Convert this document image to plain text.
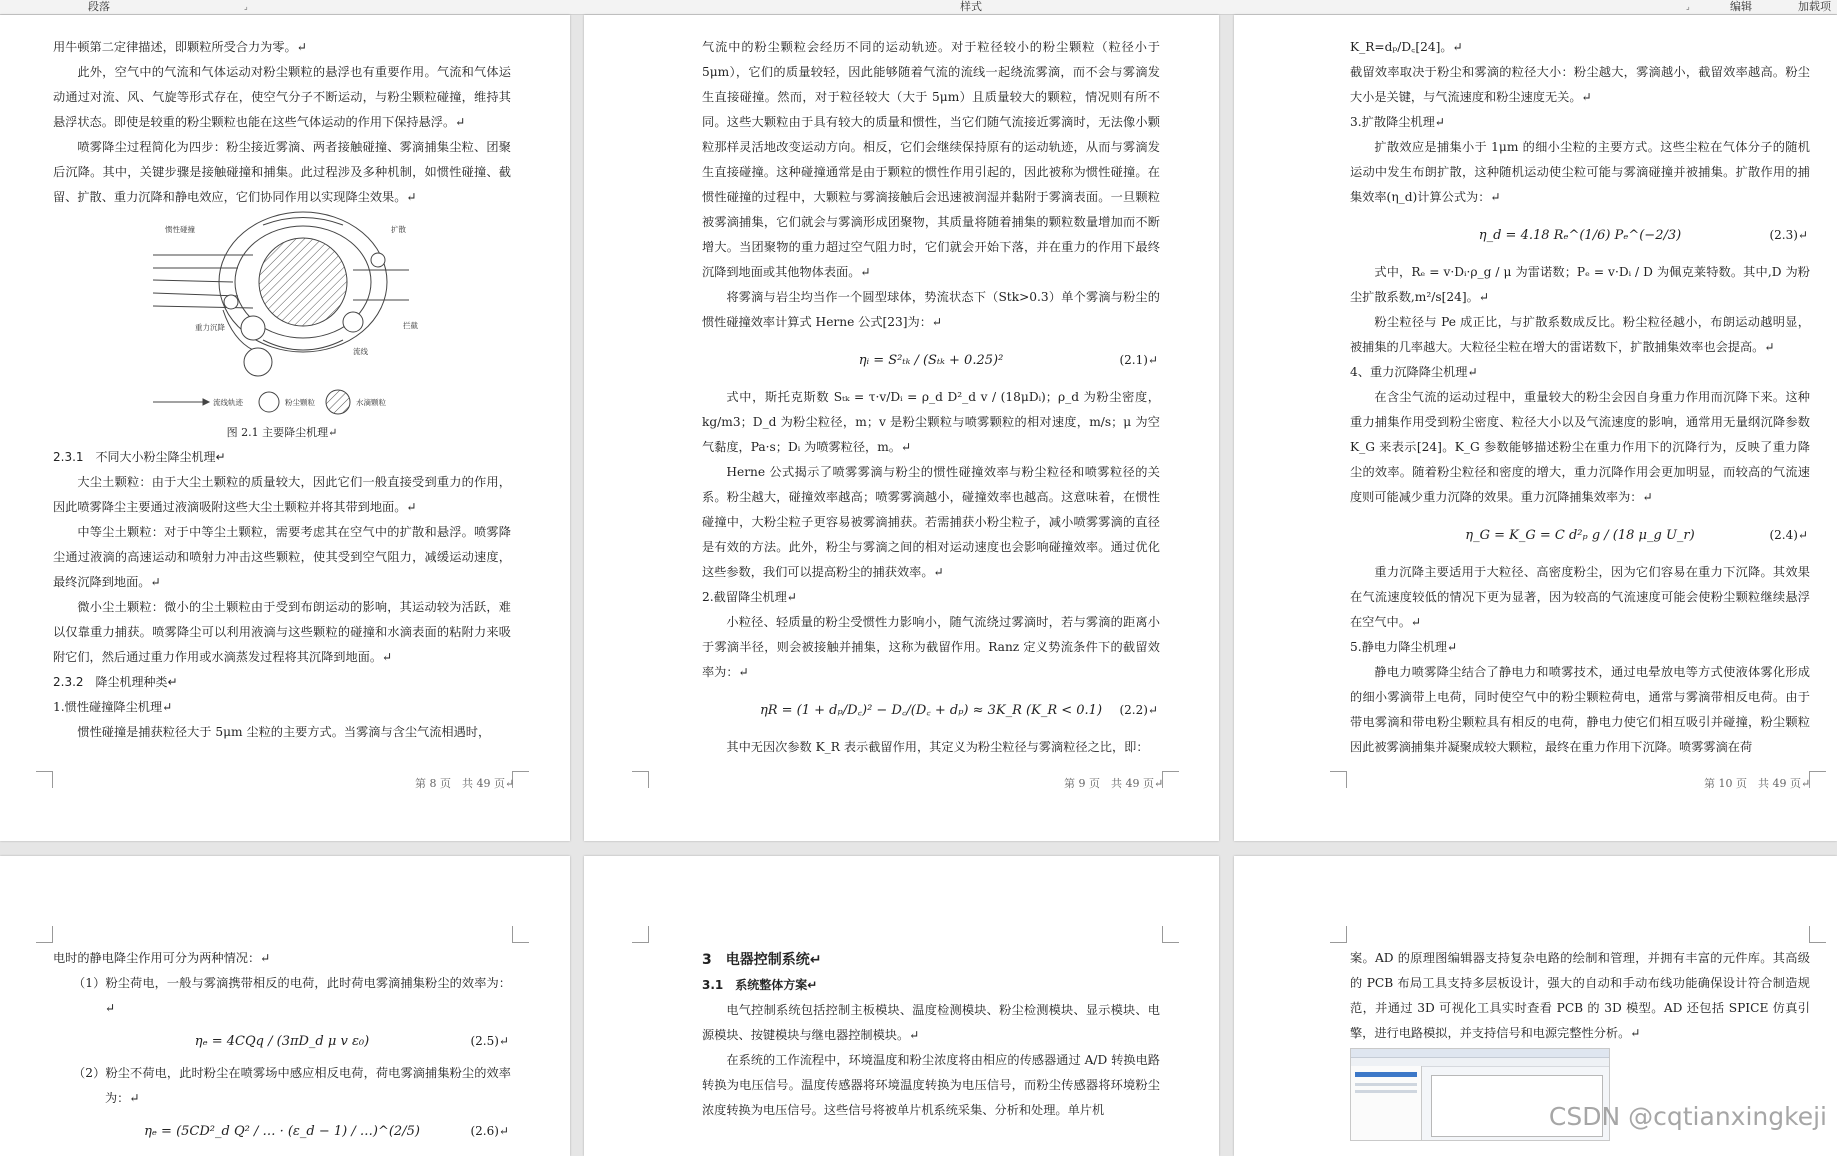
段落	⌟	样式	⌟	编辑	加载项

用牛顿第二定律描述，即颗粒所受合力为零。↵

此外，空气中的气流和气体运动对粉尘颗粒的悬浮也有重要作用。气流和气体运动通过对流、风、气旋等形式存在，使空气分子不断运动，与粉尘颗粒碰撞，维持其悬浮状态。即使是较重的粉尘颗粒也能在这些气体运动的作用下保持悬浮。↵

喷雾降尘过程简化为四步：粉尘接近雾滴、两者接触碰撞、雾滴捕集尘粒、团聚后沉降。其中，关键步骤是接触碰撞和捕集。此过程涉及多种机制，如惯性碰撞、截留、扩散、重力沉降和静电效应，它们协同作用以实现降尘效果。↵

惯性碰撞	扩散
重力沉降	拦截
流线
流线轨迹	粉尘颗粒	水滴颗粒

图 2.1 主要降尘机理↵

2.3.1　不同大小粉尘降尘机理↵

大尘土颗粒：由于大尘土颗粒的质量较大，因此它们一般直接受到重力的作用，因此喷雾降尘主要通过液滴吸附这些大尘土颗粒并将其带到地面。↵

中等尘土颗粒：对于中等尘土颗粒，需要考虑其在空气中的扩散和悬浮。喷雾降尘通过液滴的高速运动和喷射力冲击这些颗粒，使其受到空气阻力，减缓运动速度，最终沉降到地面。↵

微小尘土颗粒：微小的尘土颗粒由于受到布朗运动的影响，其运动较为活跃，难以仅靠重力捕获。喷雾降尘可以利用液滴与这些颗粒的碰撞和水滴表面的粘附力来吸附它们，然后通过重力作用或水滴蒸发过程将其沉降到地面。↵

2.3.2　降尘机理种类↵

1.惯性碰撞降尘机理↵

惯性碰撞是捕获粒径大于 5μm 尘粒的主要方式。当雾滴与含尘气流相遇时，

第 8 页　共 49 页↵

气流中的粉尘颗粒会经历不同的运动轨迹。对于粒径较小的粉尘颗粒（粒径小于5μm），它们的质量较轻，因此能够随着气流的流线一起绕流雾滴，而不会与雾滴发生直接碰撞。然而，对于粒径较大（大于 5μm）且质量较大的颗粒，情况则有所不同。这些大颗粒由于具有较大的质量和惯性，当它们随气流接近雾滴时，无法像小颗粒那样灵活地改变运动方向。相反，它们会继续保持原有的运动轨迹，从而与雾滴发生直接碰撞。这种碰撞通常是由于颗粒的惯性作用引起的，因此被称为惯性碰撞。在惯性碰撞的过程中，大颗粒与雾滴接触后会迅速被润湿并黏附于雾滴表面。一旦颗粒被雾滴捕集，它们就会与雾滴形成团聚物，其质量将随着捕集的颗粒数量增加而不断增大。当团聚物的重力超过空气阻力时，它们就会开始下落，并在重力的作用下最终沉降到地面或其他物体表面。↵

将雾滴与岩尘均当作一个圆型球体，势流状态下（Stk>0.3）单个雾滴与粉尘的惯性碰撞效率计算式 Herne 公式[23]为：↵

ηᵢ = S²ₜₖ / (Sₜₖ + 0.25)²	(2.1)↵

式中，斯托克斯数 Sₜₖ = τ·v/Dᵢ = ρ_d D²_d v / (18μDᵢ)；ρ_d 为粉尘密度，kg/m3；D_d 为粉尘粒径，m；v 是粉尘颗粒与喷雾颗粒的相对速度，m/s；μ 为空气黏度，Pa·s；Dᵢ 为喷雾粒径，m。↵

Herne 公式揭示了喷雾雾滴与粉尘的惯性碰撞效率与粉尘粒径和喷雾粒径的关系。粉尘越大，碰撞效率越高；喷雾雾滴越小，碰撞效率也越高。这意味着，在惯性碰撞中，大粉尘粒子更容易被雾滴捕获。若需捕获小粉尘粒子，减小喷雾雾滴的直径是有效的方法。此外，粉尘与雾滴之间的相对运动速度也会影响碰撞效率。通过优化这些参数，我们可以提高粉尘的捕获效率。↵

2.截留降尘机理↵

小粒径、轻质量的粉尘受惯性力影响小，随气流绕过雾滴时，若与雾滴的距离小于雾滴半径，则会被接触并捕集，这称为截留作用。Ranz 定义势流条件下的截留效率为：↵

ηR = (1 + dₚ/D꜀)² − D꜀/(D꜀ + dₚ) ≈ 3K_R (K_R < 0.1) (2.2)↵

其中无因次参数 K_R 表示截留作用，其定义为粉尘粒径与雾滴粒径之比，即：

第 9 页　共 49 页↵

K_R=dₚ/D꜀[24]。↵

截留效率取决于粉尘和雾滴的粒径大小：粉尘越大，雾滴越小，截留效率越高。粉尘大小是关键，与气流速度和粉尘速度无关。↵

3.扩散降尘机理↵

扩散效应是捕集小于 1μm 的细小尘粒的主要方式。这些尘粒在气体分子的随机运动中发生布朗扩散，这种随机运动使尘粒可能与雾滴碰撞并被捕集。扩散作用的捕集效率(η_d)计算公式为：↵

η_d = 4.18 Rₑ^(1/6) Pₑ^(−2/3)	(2.3)↵

式中，Rₑ = v·Dᵢ·ρ_g / μ 为雷诺数；Pₑ = v·Dᵢ / D 为佩克莱特数。其中,D 为粉尘扩散系数,m²/s[24]。↵

粉尘粒径与 Pe 成正比，与扩散系数成反比。粉尘粒径越小，布朗运动越明显，被捕集的几率越大。大粒径尘粒在增大的雷诺数下，扩散捕集效率也会提高。↵

4、重力沉降降尘机理↵

在含尘气流的运动过程中，重量较大的粉尘会因自身重力作用而沉降下来。这种重力捕集作用受到粉尘密度、粒径大小以及气流速度的影响，通常用无量纲沉降参数 K_G 来表示[24]。K_G 参数能够描述粉尘在重力作用下的沉降行为，反映了重力降尘的效率。随着粉尘粒径和密度的增大，重力沉降作用会更加明显，而较高的气流速度则可能减少重力沉降的效果。重力沉降捕集效率为：↵

η_G = K_G = C d²ₚ g / (18 μ_g U_r)	(2.4)↵

重力沉降主要适用于大粒径、高密度粉尘，因为它们容易在重力下沉降。其效果在气流速度较低的情况下更为显著，因为较高的气流速度可能会使粉尘颗粒继续悬浮在空气中。↵

5.静电力降尘机理↵

静电力喷雾降尘结合了静电力和喷雾技术，通过电晕放电等方式使液体雾化形成的细小雾滴带上电荷，同时使空气中的粉尘颗粒荷电，通常与雾滴带相反电荷。由于带电雾滴和带电粉尘颗粒具有相反的电荷，静电力使它们相互吸引并碰撞，粉尘颗粒因此被雾滴捕集并凝聚成较大颗粒，最终在重力作用下沉降。喷雾雾滴在荷

第 10 页　共 49 页↵

电时的静电降尘作用可分为两种情况：↵

（1）粉尘荷电，一般与雾滴携带相反的电荷，此时荷电雾滴捕集粉尘的效率为：↵

ηₑ = 4CQq / (3πD_d μ v ε₀)	(2.5)↵

（2）粉尘不荷电，此时粉尘在喷雾场中感应相反电荷，荷电雾滴捕集粉尘的效率为：↵

ηₑ = (5CD²_d Q² / … · (ε_d − 1) / …)^(2/5)	(2.6)↵

3　电器控制系统↵

3.1　系统整体方案↵

电气控制系统包括控制主板模块、温度检测模块、粉尘检测模块、显示模块、电源模块、按键模块与继电器控制模块。↵

在系统的工作流程中，环境温度和粉尘浓度将由相应的传感器通过 A/D 转换电路转换为电压信号。温度传感器将环境温度转换为电压信号，而粉尘传感器将环境粉尘浓度转换为电压信号。这些信号将被单片机系统采集、分析和处理。单片机

案。AD 的原理图编辑器支持复杂电路的绘制和管理，并拥有丰富的元件库。其高级的 PCB 布局工具支持多层板设计，强大的自动和手动布线功能确保设计符合制造规范，并通过 3D 可视化工具实时查看 PCB 的 3D 模型。AD 还包括 SPICE 仿真引擎，进行电路模拟，并支持信号和电源完整性分析。↵

CSDN @cqtianxingkeji
